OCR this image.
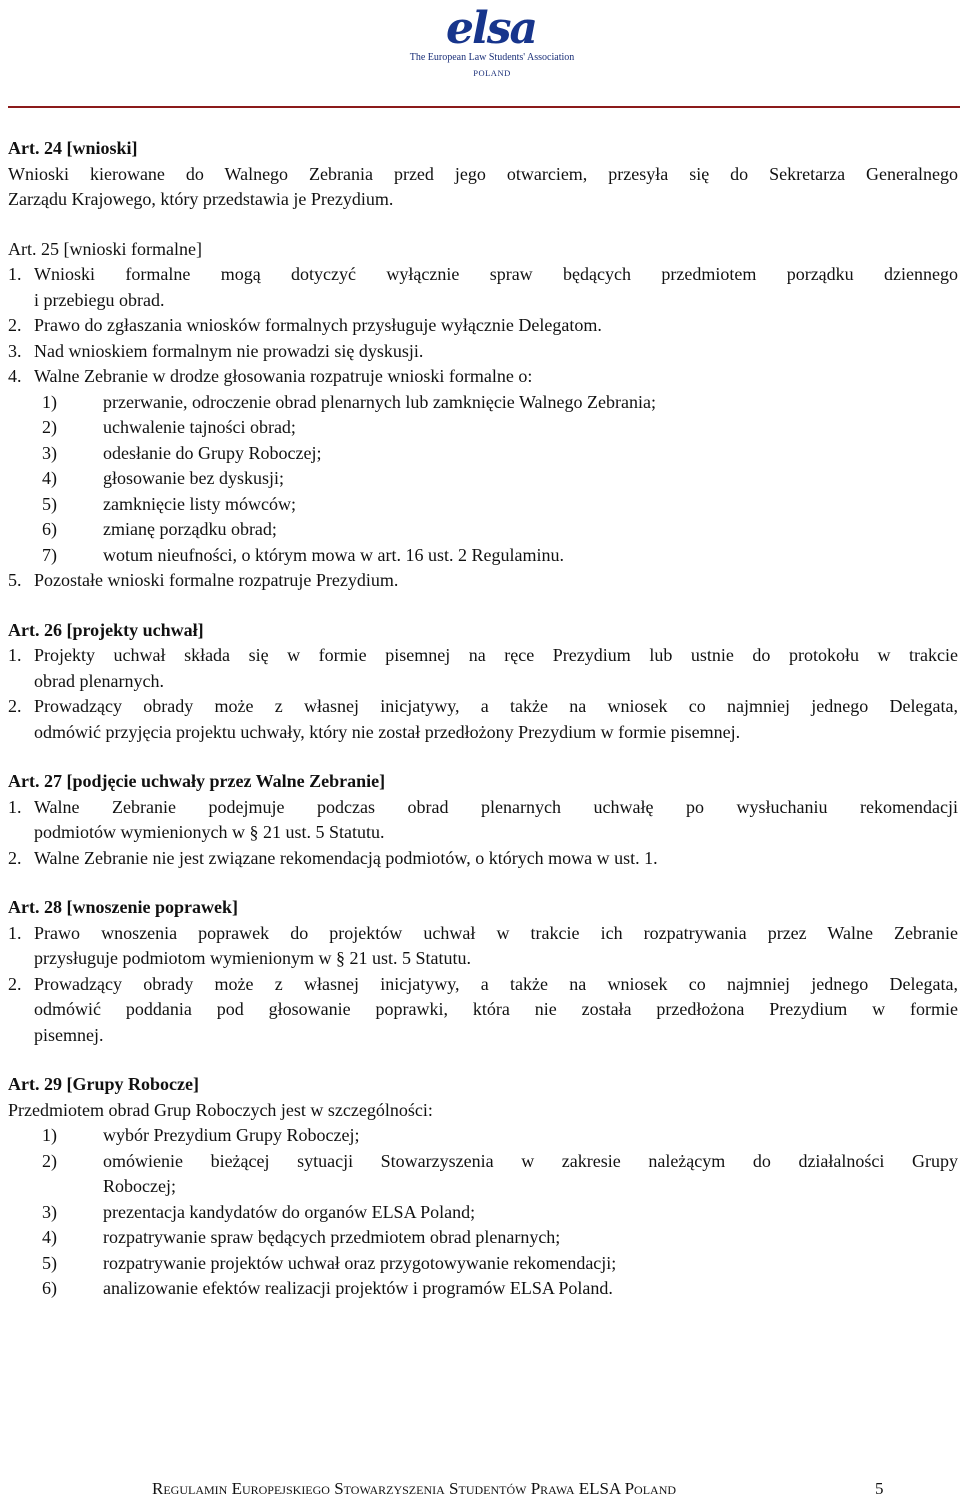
elsa
The European Law Students' Association
POLAND
Art. 24 [wnioski]
Wnioski kierowane do Walnego Zebrania przed jego otwarciem, przesyła się do Sekretarza Generalnego
Zarządu Krajowego, który przedstawia je Prezydium.
Art. 25 [wnioski formalne]
1. Wnioski formalne mogą dotyczyć wyłącznie spraw będących przedmiotem porządku dziennego
i przebiegu obrad.
2. Prawo do zgłaszania wniosków formalnych przysługuje wyłącznie Delegatom.
3. Nad wnioskiem formalnym nie prowadzi się dyskusji.
4. Walne Zebranie w drodze głosowania rozpatruje wnioski formalne o:
1)	przerwanie, odroczenie obrad plenarnych lub zamknięcie Walnego Zebrania;
2)	uchwalenie tajności obrad;
3)	odesłanie do Grupy Roboczej;
4)	głosowanie bez dyskusji;
5)	zamknięcie listy mówców;
6)	zmianę porządku obrad;
7)	wotum nieufności, o którym mowa w art. 16 ust. 2 Regulaminu.
5. Pozostałe wnioski formalne rozpatruje Prezydium.
Art. 26 [projekty uchwał]
1. Projekty uchwał składa się w formie pisemnej na ręce Prezydium lub ustnie do protokołu w trakcie
obrad plenarnych.
2. Prowadzący obrady może z własnej inicjatywy, a także na wniosek co najmniej jednego Delegata,
odmówić przyjęcia projektu uchwały, który nie został przedłożony Prezydium w formie pisemnej.
Art. 27 [podjęcie uchwały przez Walne Zebranie]
1. Walne Zebranie podejmuje podczas obrad plenarnych uchwałę po wysłuchaniu rekomendacji
podmiotów wymienionych w § 21 ust. 5 Statutu.
2. Walne Zebranie nie jest związane rekomendacją podmiotów, o których mowa w ust. 1.
Art. 28 [wnoszenie poprawek]
1. Prawo wnoszenia poprawek do projektów uchwał w trakcie ich rozpatrywania przez Walne Zebranie
przysługuje podmiotom wymienionym w § 21 ust. 5 Statutu.
2. Prowadzący obrady może z własnej inicjatywy, a także na wniosek co najmniej jednego Delegata,
odmówić poddania pod głosowanie poprawki, która nie została przedłożona Prezydium w formie
pisemnej.
Art. 29 [Grupy Robocze]
Przedmiotem obrad Grup Roboczych jest w szczególności:
1)	wybór Prezydium Grupy Roboczej;
2)	omówienie bieżącej sytuacji Stowarzyszenia w zakresie należącym do działalności Grupy
Roboczej;
3)	prezentacja kandydatów do organów ELSA Poland;
4)	rozpatrywanie spraw będących przedmiotem obrad plenarnych;
5)	rozpatrywanie projektów uchwał oraz przygotowywanie rekomendacji;
6)	analizowanie efektów realizacji projektów i programów ELSA Poland.
Regulamin Europejskiego Stowarzyszenia Studentów Prawa ELSA Poland	5
